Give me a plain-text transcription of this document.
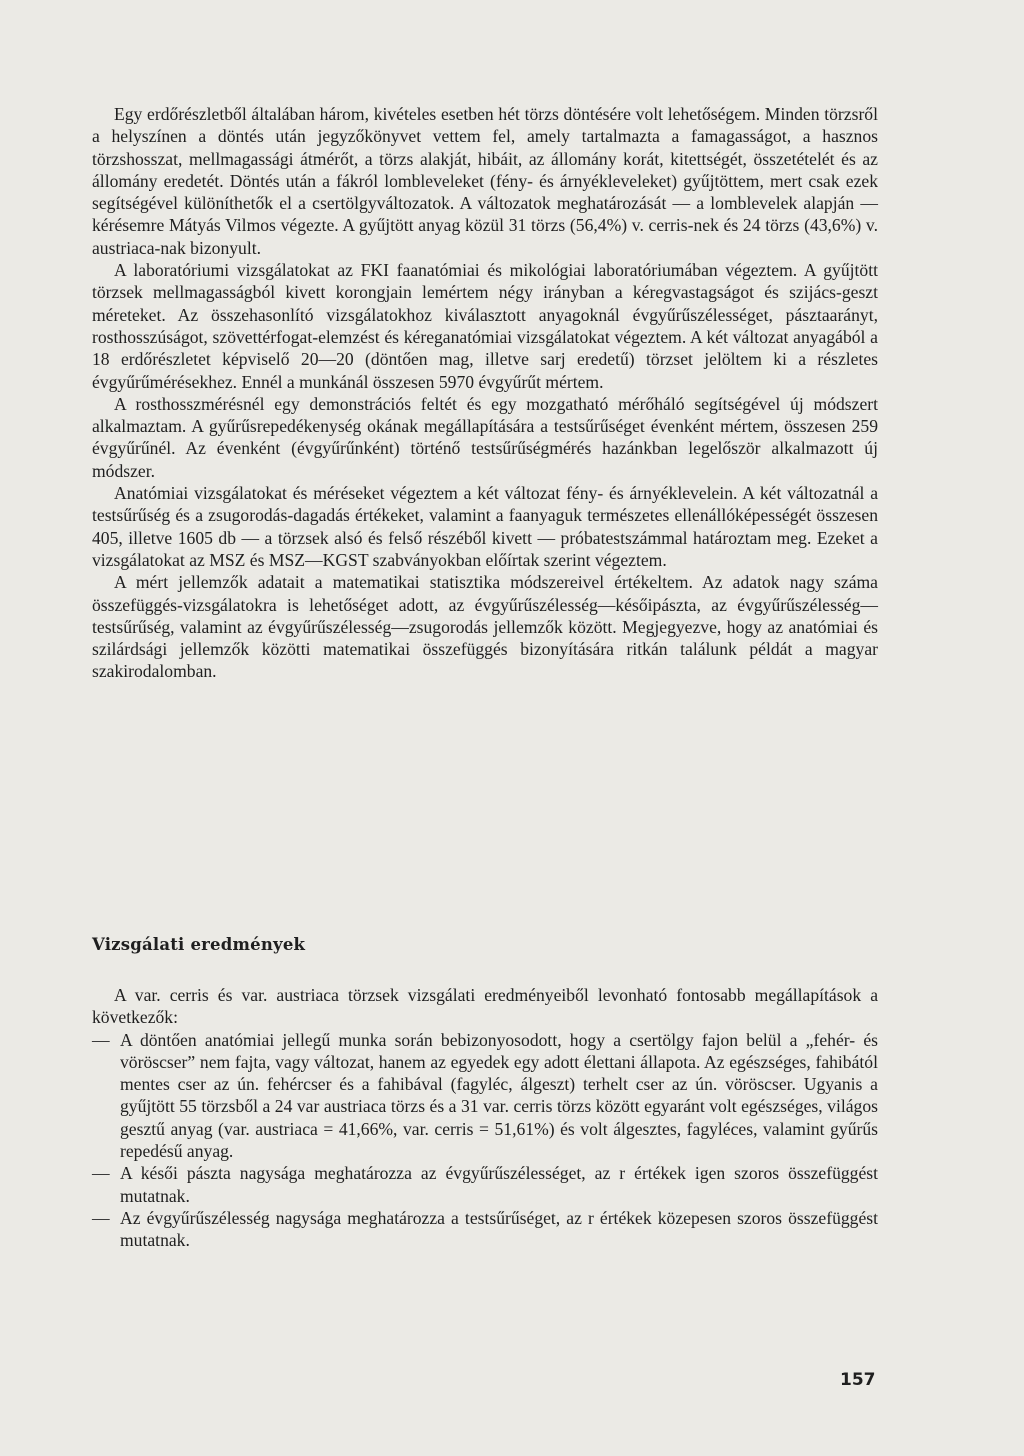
Egy erdőrészletből általában három, kivételes esetben hét törzs döntésére volt lehetőségem. Minden törzsről a helyszínen a döntés után jegyzőkönyvet vettem fel, amely tartalmazta a famagasságot, a hasznos törzshosszat, mellmagassági átmérőt, a törzs alakját, hibáit, az állomány korát, kitettségét, összetételét és az állomány eredetét. Döntés után a fákról lombleveleket (fény- és árnyékleveleket) gyűjtöttem, mert csak ezek segítségével különíthetők el a csertölgyváltozatok. A változatok meghatározását — a lomblevelek alapján — kérésemre Mátyás Vilmos végezte. A gyűjtött anyag közül 31 törzs (56,4%) v. cerris-nek és 24 törzs (43,6%) v. austriaca-nak bizonyult.

A laboratóriumi vizsgálatokat az FKI faanatómiai és mikológiai laboratóriumában végeztem. A gyűjtött törzsek mellmagasságból kivett korongjain lemértem négy irányban a kéregvastagságot és szijács-geszt méreteket. Az összehasonlító vizsgálatokhoz kiválasztott anyagoknál évgyűrűszélességet, pásztaarányt, rosthosszúságot, szövettérfogat-elemzést és kéreganatómiai vizsgálatokat végeztem. A két változat anyagából a 18 erdőrészletet képviselő 20—20 (döntően mag, illetve sarj eredetű) törzset jelöltem ki a részletes évgyűrűmérésekhez. Ennél a munkánál összesen 5970 évgyűrűt mértem.

A rosthosszmérésnél egy demonstrációs feltét és egy mozgatható mérőháló segítségével új módszert alkalmaztam. A gyűrűsrepedékenység okának megállapítására a testsűrűséget évenként mértem, összesen 259 évgyűrűnél. Az évenként (évgyűrűnként) történő testsűrűségmérés hazánkban legelőször alkalmazott új módszer.

Anatómiai vizsgálatokat és méréseket végeztem a két változat fény- és árnyéklevelein. A két változatnál a testsűrűség és a zsugorodás-dagadás értékeket, valamint a faanyaguk természetes ellenállóképességét összesen 405, illetve 1605 db — a törzsek alsó és felső részéből kivett — próbatestszámmal határoztam meg. Ezeket a vizsgálatokat az MSZ és MSZ—KGST szabványokban előírtak szerint végeztem.

A mért jellemzők adatait a matematikai statisztika módszereivel értékeltem. Az adatok nagy száma összefüggés-vizsgálatokra is lehetőséget adott, az évgyűrűszélesség—későipászta, az évgyűrűszélesség—testsűrűség, valamint az évgyűrűszélesség—zsugorodás jellemzők között. Megjegyezve, hogy az anatómiai és szilárdsági jellemzők közötti matematikai összefüggés bizonyítására ritkán találunk példát a magyar szakirodalomban.

Vizsgálati eredmények

A var. cerris és var. austriaca törzsek vizsgálati eredményeiből levonható fontosabb megállapítások a következők:

— A döntően anatómiai jellegű munka során bebizonyosodott, hogy a csertölgy fajon belül a „fehér- és vöröscser” nem fajta, vagy változat, hanem az egyedek egy adott élettani állapota. Az egészséges, fahibától mentes cser az ún. fehércser és a fahibával (fagyléc, álgeszt) terhelt cser az ún. vöröscser. Ugyanis a gyűjtött 55 törzsből a 24 var austriaca törzs és a 31 var. cerris törzs között egyaránt volt egészséges, világos gesztű anyag (var. austriaca = 41,66%, var. cerris = 51,61%) és volt álgesztes, fagyléces, valamint gyűrűs repedésű anyag.

— A késői pászta nagysága meghatározza az évgyűrűszélességet, az r értékek igen szoros összefüggést mutatnak.

— Az évgyűrűszélesség nagysága meghatározza a testsűrűséget, az r értékek közepesen szoros összefüggést mutatnak.

157
